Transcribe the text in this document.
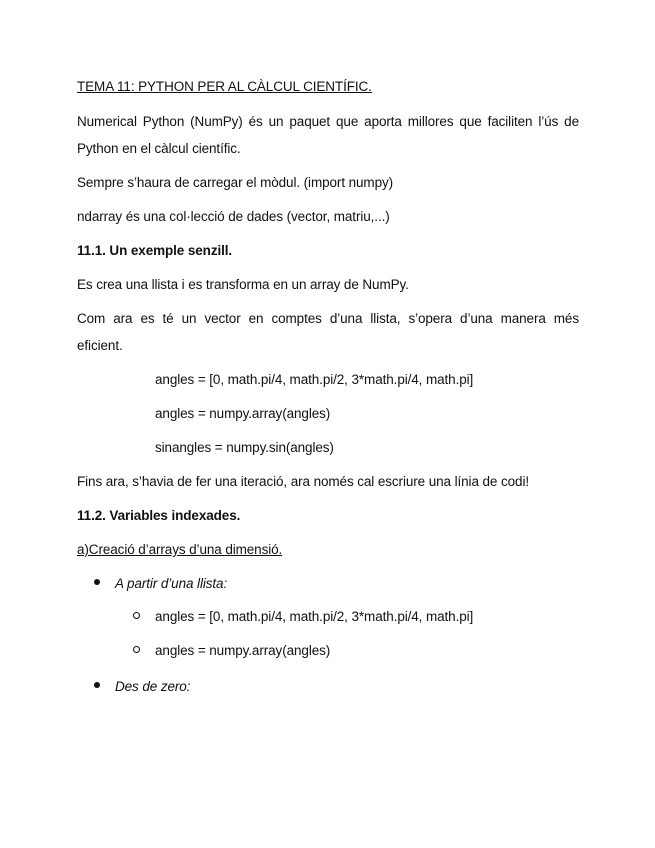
TEMA 11: PYTHON PER AL CÀLCUL CIENTÍFIC.
Numerical Python (NumPy) és un paquet que aporta millores que faciliten l’ús de
Python en el càlcul científic.
Sempre s’haura de carregar el mòdul. (import numpy)
ndarray és una col·lecció de dades (vector, matriu,...)
11.1. Un exemple senzill.
Es crea una llista i es transforma en un array de NumPy.
Com ara es té un vector en comptes d’una llista, s’opera d’una manera més
eficient.
angles = [0, math.pi/4, math.pi/2, 3*math.pi/4, math.pi]
angles = numpy.array(angles)
sinangles = numpy.sin(angles)
Fins ara, s’havia de fer una iteració, ara només cal escriure una línia de codi!
11.2. Variables indexades.
a)Creació d’arrays d’una dimensió.
A partir d’una llista:
angles = [0, math.pi/4, math.pi/2, 3*math.pi/4, math.pi]
angles = numpy.array(angles)
Des de zero:
